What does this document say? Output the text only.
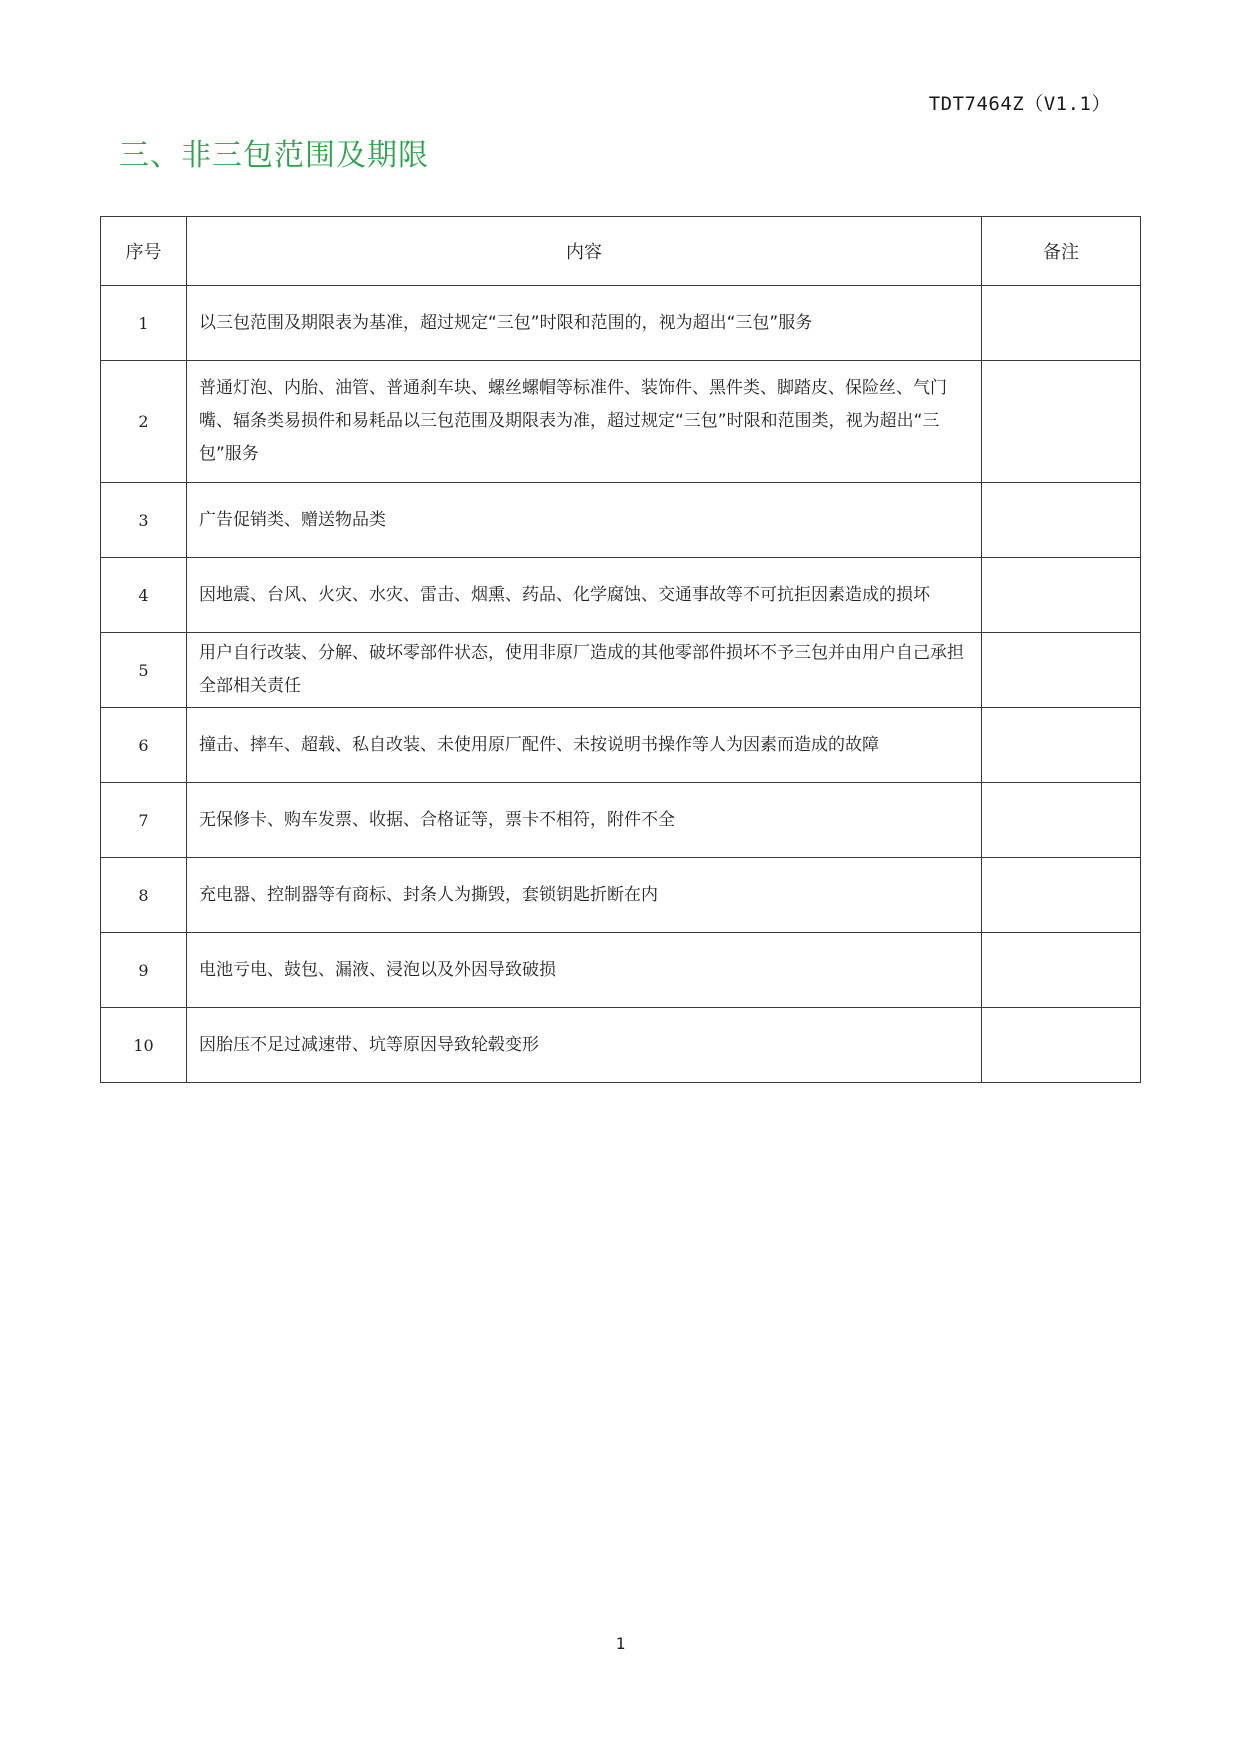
TDT7464Z（V1.1）
三、非三包范围及期限
序号	内容	备注
1	以三包范围及期限表为基准，超过规定“三包”时限和范围的，视为超出“三包”服务	
2	普通灯泡、内胎、油管、普通刹车块、螺丝螺帽等标准件、装饰件、黑件类、脚踏皮、保险丝、气门嘴、辐条类易损件和易耗品以三包范围及期限表为准，超过规定“三包”时限和范围类，视为超出“三包”服务	
3	广告促销类、赠送物品类	
4	因地震、台风、火灾、水灾、雷击、烟熏、药品、化学腐蚀、交通事故等不可抗拒因素造成的损坏	
5	用户自行改装、分解、破坏零部件状态，使用非原厂造成的其他零部件损坏不予三包并由用户自己承担全部相关责任	
6	撞击、摔车、超载、私自改装、未使用原厂配件、未按说明书操作等人为因素而造成的故障	
7	无保修卡、购车发票、收据、合格证等，票卡不相符，附件不全	
8	充电器、控制器等有商标、封条人为撕毁，套锁钥匙折断在内	
9	电池亏电、鼓包、漏液、浸泡以及外因导致破损	
10	因胎压不足过减速带、坑等原因导致轮毂变形	
1
